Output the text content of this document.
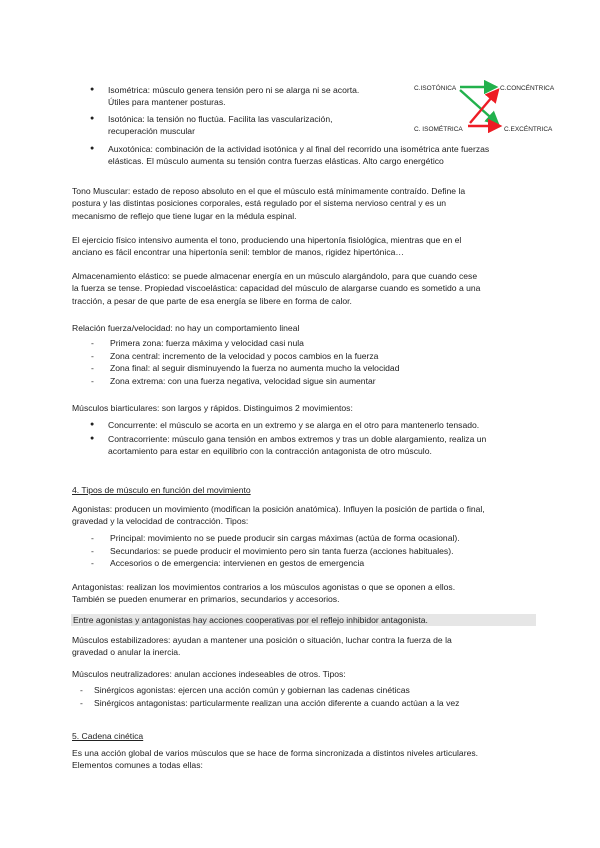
● Isométrica: músculo genera tensión pero ni se alarga ni se acorta.

Útiles para mantener posturas.

● Isotónica: la tensión no fluctúa. Facilita las vascularización,

recuperación muscular

● Auxotónica: combinación de la actividad isotónica y al final del recorrido una isométrica ante fuerzas

elásticas. El músculo aumenta su tensión contra fuerzas elásticas. Alto cargo energético

C.ISOTÓNICA	C.CONCÉNTRICA
C. ISOMÉTRICA	C.EXCÉNTRICA

Tono Muscular: estado de reposo absoluto en el que el músculo está mínimamente contraído. Define la

postura y las distintas posiciones corporales, está regulado por el sistema nervioso central y es un

mecanismo de reflejo que tiene lugar en la médula espinal.

El ejercicio físico intensivo aumenta el tono, produciendo una hipertonía fisiológica, mientras que en el

anciano es fácil encontrar una hipertonía senil: temblor de manos, rigidez hipertónica…

Almacenamiento elástico: se puede almacenar energía en un músculo alargándolo, para que cuando cese

la fuerza se tense. Propiedad viscoelástica: capacidad del músculo de alargarse cuando es sometido a una

tracción, a pesar de que parte de esa energía se libere en forma de calor.

Relación fuerza/velocidad: no hay un comportamiento lineal

- Primera zona: fuerza máxima y velocidad casi nula
- Zona central: incremento de la velocidad y pocos cambios en la fuerza
- Zona final: al seguir disminuyendo la fuerza no aumenta mucho la velocidad
- Zona extrema: con una fuerza negativa, velocidad sigue sin aumentar

Músculos biarticulares: son largos y rápidos. Distinguimos 2 movimientos:

● Concurrente: el músculo se acorta en un extremo y se alarga en el otro para mantenerlo tensado.

● Contracorriente: músculo gana tensión en ambos extremos y tras un doble alargamiento, realiza un

acortamiento para estar en equilibrio con la contracción antagonista de otro músculo.

4. Tipos de músculo en función del movimiento

Agonistas: producen un movimiento (modifican la posición anatómica). Influyen la posición de partida o final,

gravedad y la velocidad de contracción. Tipos:

- Principal: movimiento no se puede producir sin cargas máximas (actúa de forma ocasional).
- Secundarios: se puede producir el movimiento pero sin tanta fuerza (acciones habituales).
- Accesorios o de emergencia: intervienen en gestos de emergencia

Antagonistas: realizan los movimientos contrarios a los músculos agonistas o que se oponen a ellos.

También se pueden enumerar en primarios, secundarios y accesorios.

Entre agonistas y antagonistas hay acciones cooperativas por el reflejo inhibidor antagonista.

Músculos estabilizadores: ayudan a mantener una posición o situación, luchar contra la fuerza de la

gravedad o anular la inercia.

Músculos neutralizadores: anulan acciones indeseables de otros. Tipos:

- Sinérgicos agonistas: ejercen una acción común y gobiernan las cadenas cinéticas
- Sinérgicos antagonistas: particularmente realizan una acción diferente a cuando actúan a la vez

5. Cadena cinética

Es una acción global de varios músculos que se hace de forma sincronizada a distintos niveles articulares.

Elementos comunes a todas ellas:
